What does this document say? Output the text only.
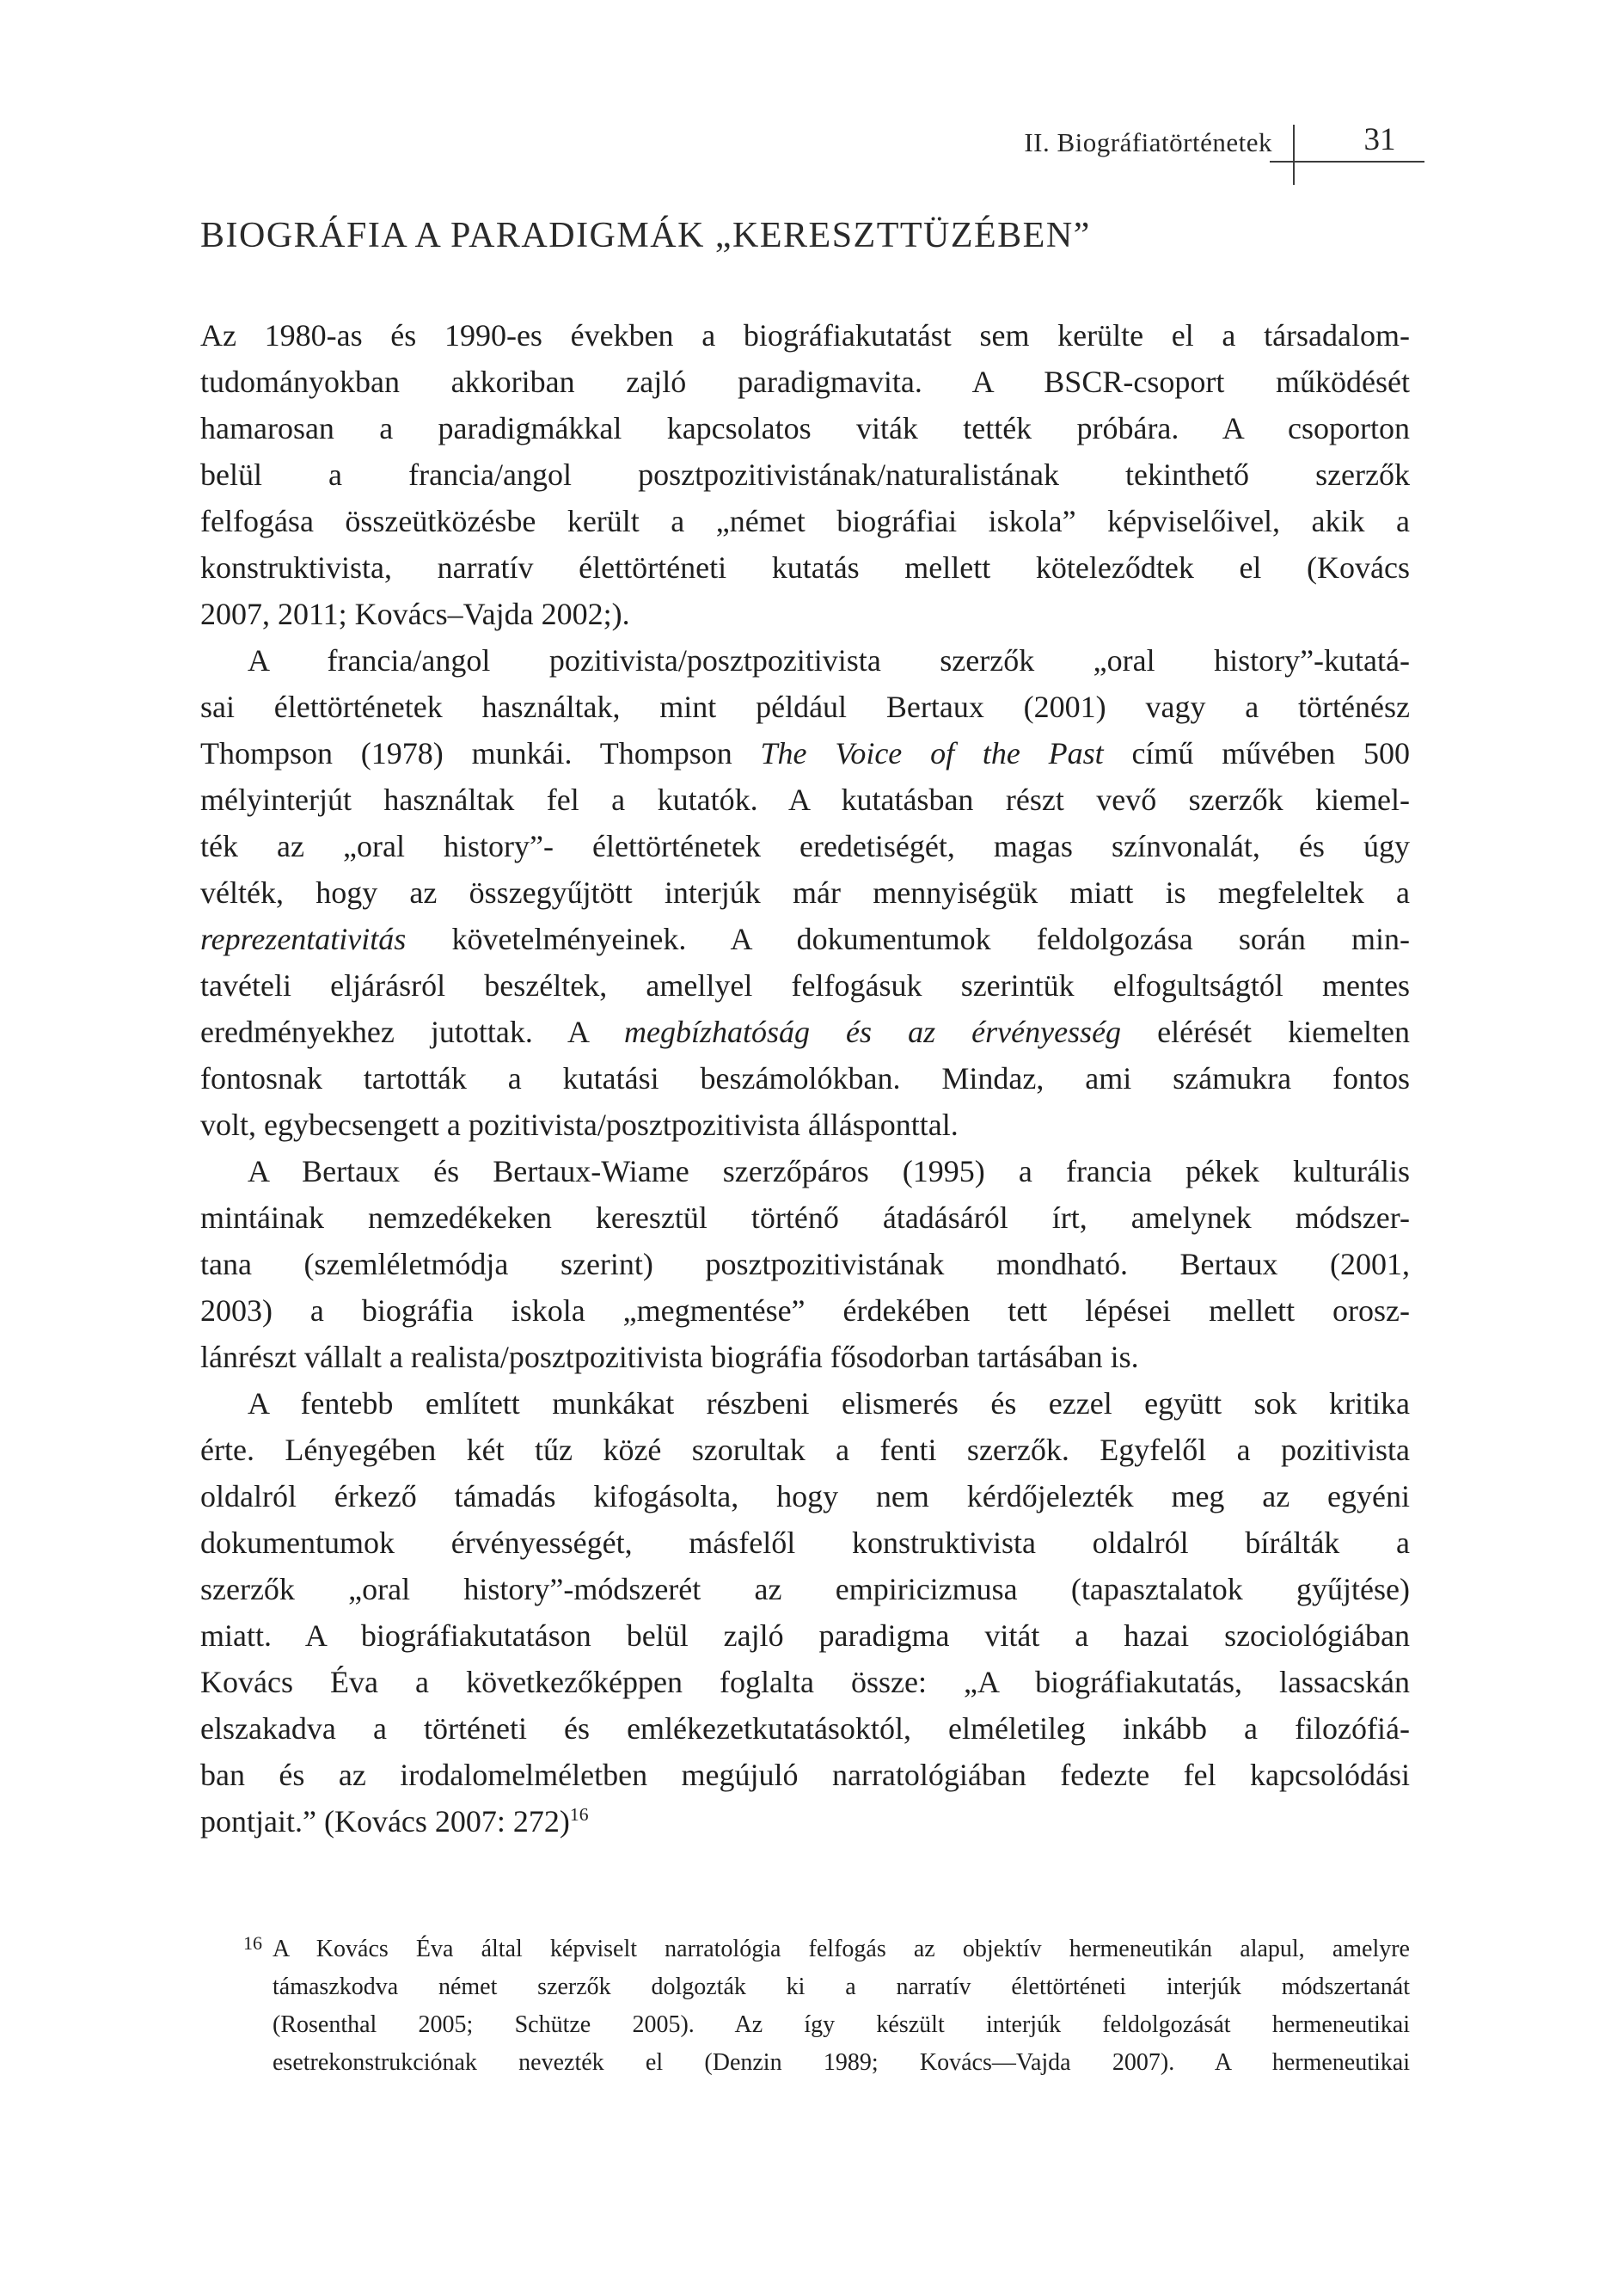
II. Biográfiatörténetek	31
BIOGRÁFIA A PARADIGMÁK „KERESZTTÜZÉBEN”
Az 1980-as és 1990-es években a biográfiakutatást sem kerülte el a társadalom-
tudományokban akkoriban zajló paradigmavita. A BSCR-csoport működését
hamarosan a paradigmákkal kapcsolatos viták tették próbára. A csoporton
belül a francia/angol posztpozitivistának/naturalistának tekinthető szerzők
felfogása összeütközésbe került a „német biográfiai iskola” képviselőivel, akik a
konstruktivista, narratív élettörténeti kutatás mellett köteleződtek el (Kovács
2007, 2011; Kovács–Vajda 2002;).
A francia/angol pozitivista/posztpozitivista szerzők „oral history”-kutatá-
sai élettörténetek használtak, mint például Bertaux (2001) vagy a történész
Thompson (1978) munkái. Thompson The Voice of the Past című művében 500
mélyinterjút használtak fel a kutatók. A kutatásban részt vevő szerzők kiemel-
ték az „oral history”- élettörténetek eredetiségét, magas színvonalát, és úgy
vélték, hogy az összegyűjtött interjúk már mennyiségük miatt is megfeleltek a
reprezentativitás követelményeinek. A dokumentumok feldolgozása során min-
tavételi eljárásról beszéltek, amellyel felfogásuk szerintük elfogultságtól mentes
eredményekhez jutottak. A megbízhatóság és az érvényesség elérését kiemelten
fontosnak tartották a kutatási beszámolókban. Mindaz, ami számukra fontos
volt, egybecsengett a pozitivista/posztpozitivista állásponttal.
A Bertaux és Bertaux-Wiame szerzőpáros (1995) a francia pékek kulturális
mintáinak nemzedékeken keresztül történő átadásáról írt, amelynek módszer-
tana (szemléletmódja szerint) posztpozitivistának mondható. Bertaux (2001,
2003) a biográfia iskola „megmentése” érdekében tett lépései mellett orosz-
lánrészt vállalt a realista/posztpozitivista biográfia fősodorban tartásában is.
A fentebb említett munkákat részbeni elismerés és ezzel együtt sok kritika
érte. Lényegében két tűz közé szorultak a fenti szerzők. Egyfelől a pozitivista
oldalról érkező támadás kifogásolta, hogy nem kérdőjelezték meg az egyéni
dokumentumok érvényességét, másfelől konstruktivista oldalról bírálták a
szerzők „oral history”-módszerét az empiricizmusa (tapasztalatok gyűjtése)
miatt. A biográfiakutatáson belül zajló paradigma vitát a hazai szociológiában
Kovács Éva a következőképpen foglalta össze: „A biográfiakutatás, lassacskán
elszakadva a történeti és emlékezetkutatásoktól, elméletileg inkább a filozófiá-
ban és az irodalomelméletben megújuló narratológiában fedezte fel kapcsolódási
pontjait.” (Kovács 2007: 272)$^{16}$
16 A Kovács Éva által képviselt narratológia felfogás az objektív hermeneutikán alapul, amelyre
támaszkodva német szerzők dolgozták ki a narratív élettörténeti interjúk módszertanát
(Rosenthal 2005; Schütze 2005). Az így készült interjúk feldolgozását hermeneutikai
esetrekonstrukciónak nevezték el (Denzin 1989; Kovács—Vajda 2007). A hermeneutikai
